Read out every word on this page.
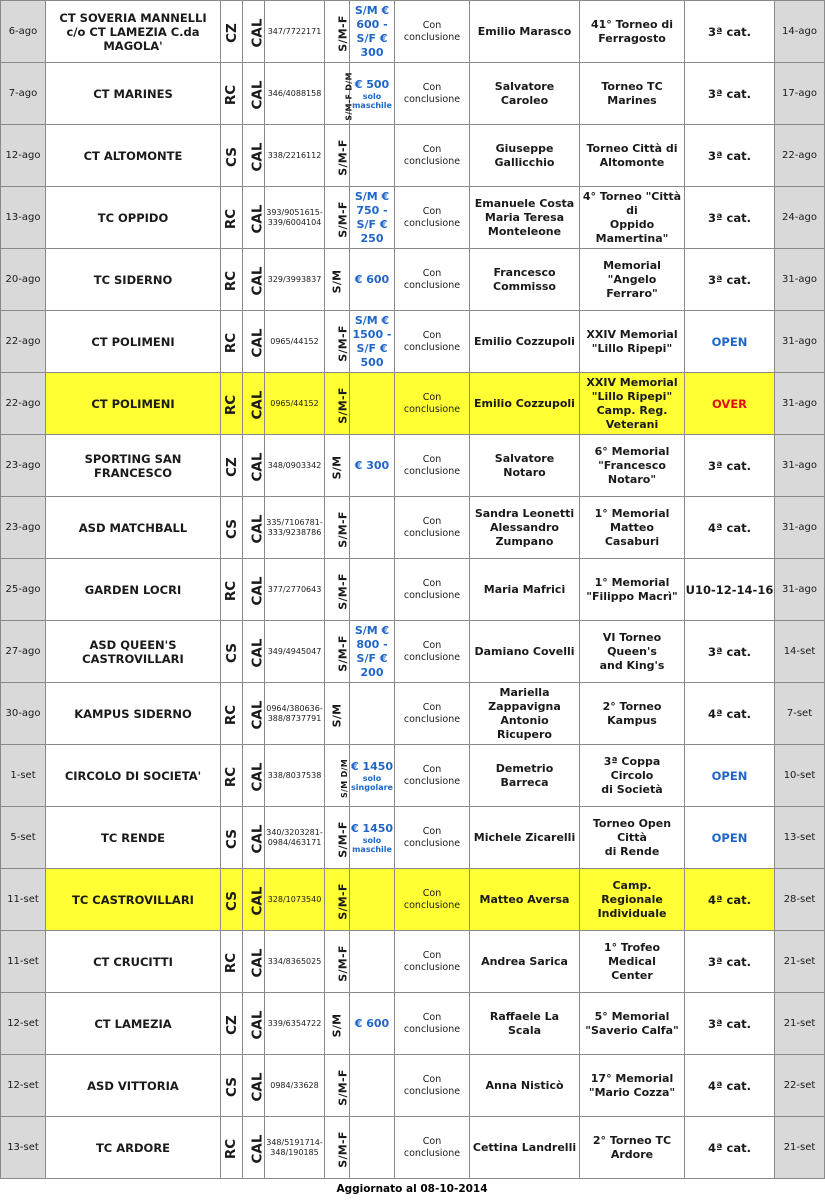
6-ago	CT SOVERIA MANNELLI
c/o CT LAMEZIA C.da MAGOLA'	CZ	CAL	347/7722171	S/M-F	S/M €
600 -
S/F €
300	Con
conclusione	Emilio Marasco	41° Torneo di
Ferragosto	3ª cat.	14-ago
7-ago	CT MARINES	RC	CAL	346/4088158	S/M-F D/M	€ 500
solo
maschile	Con
conclusione	Salvatore Caroleo	Torneo TC Marines	3ª cat.	17-ago
12-ago	CT ALTOMONTE	CS	CAL	338/2216112	S/M-F		Con
conclusione	Giuseppe
Gallicchio	Torneo Città di
Altomonte	3ª cat.	22-ago
13-ago	TC OPPIDO	RC	CAL	393/9051615-
339/6004104	S/M-F	S/M €
750 -
S/F €
250	Con
conclusione	Emanuele Costa
Maria Teresa
Monteleone	4° Torneo "Città di
Oppido
Mamertina"	3ª cat.	24-ago
20-ago	TC SIDERNO	RC	CAL	329/3993837	S/M	€ 600	Con
conclusione	Francesco
Commisso	Memorial "Angelo
Ferraro"	3ª cat.	31-ago
22-ago	CT POLIMENI	RC	CAL	0965/44152	S/M-F	S/M €
1500 -
S/F €
500	Con
conclusione	Emilio Cozzupoli	XXIV Memorial
"Lillo Ripepi"	OPEN	31-ago
22-ago	CT POLIMENI	RC	CAL	0965/44152	S/M-F		Con
conclusione	Emilio Cozzupoli	XXIV Memorial
"Lillo Ripepi"
Camp. Reg.
Veterani	OVER	31-ago
23-ago	SPORTING SAN FRANCESCO	CZ	CAL	348/0903342	S/M	€ 300	Con
conclusione	Salvatore Notaro	6° Memorial
"Francesco
Notaro"	3ª cat.	31-ago
23-ago	ASD MATCHBALL	CS	CAL	335/7106781-
333/9238786	S/M-F		Con
conclusione	Sandra Leonetti
Alessandro
Zumpano	1° Memorial
Matteo Casaburi	4ª cat.	31-ago
25-ago	GARDEN LOCRI	RC	CAL	377/2770643	S/M-F		Con
conclusione	Maria Mafrici	1° Memorial
"Filippo Macrì"	U10-12-14-16	31-ago
27-ago	ASD QUEEN'S CASTROVILLARI	CS	CAL	349/4945047	S/M-F	S/M €
800 -
S/F €
200	Con
conclusione	Damiano Covelli	VI Torneo Queen's
and King's	3ª cat.	14-set
30-ago	KAMPUS SIDERNO	RC	CAL	0964/380636-
388/8737791	S/M		Con
conclusione	Mariella
Zappavigna
Antonio Ricupero	2° Torneo Kampus	4ª cat.	7-set
1-set	CIRCOLO DI SOCIETA'	RC	CAL	338/8037538	S/M D/M	€ 1450
solo
singolare	Con
conclusione	Demetrio Barreca	3ª Coppa Circolo
di Società	OPEN	10-set
5-set	TC RENDE	CS	CAL	340/3203281-
0984/463171	S/M-F	€ 1450
solo
maschile	Con
conclusione	Michele Zicarelli	Torneo Open Città
di Rende	OPEN	13-set
11-set	TC CASTROVILLARI	CS	CAL	328/1073540	S/M-F		Con
conclusione	Matteo Aversa	Camp. Regionale
Individuale	4ª cat.	28-set
11-set	CT CRUCITTI	RC	CAL	334/8365025	S/M-F		Con
conclusione	Andrea Sarica	1° Trofeo Medical
Center	3ª cat.	21-set
12-set	CT LAMEZIA	CZ	CAL	339/6354722	S/M	€ 600	Con
conclusione	Raffaele La Scala	5° Memorial
"Saverio Calfa"	3ª cat.	21-set
12-set	ASD VITTORIA	CS	CAL	0984/33628	S/M-F		Con
conclusione	Anna Nisticò	17° Memorial
"Mario Cozza"	4ª cat.	22-set
13-set	TC ARDORE	RC	CAL	348/5191714-
348/190185	S/M-F		Con
conclusione	Cettina Landrelli	2° Torneo TC
Ardore	4ª cat.	21-set
Aggiornato al 08-10-2014
